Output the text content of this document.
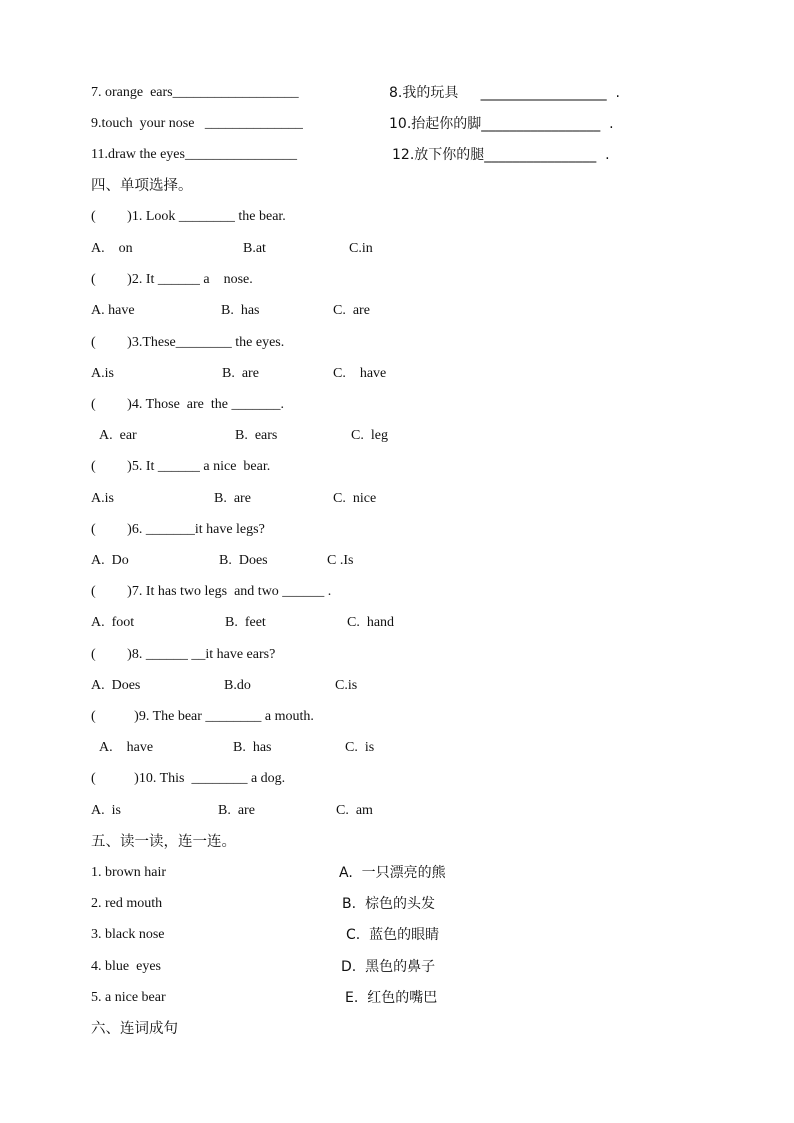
7. orange  ears__________________	8.我的玩具     __________________  .
9.touch  your nose   ______________	10.抬起你的脚_________________  .
11.draw the eyes________________	12.放下你的腿________________  .
四、单项选择。
(         )1. Look ________ the bear.
A.    on	B.at	C.in
(         )2. It ______ a    nose.
A. have	B.  has	C.  are
(         )3.These________ the eyes.
A.is	B.  are	C.    have
(         )4. Those  are  the _______.
A.  ear	B.  ears	C.  leg
(         )5. It ______ a nice  bear.
A.is	B.  are	C.  nice
(         )6. _______it have legs?
A.  Do	B.  Does	C .Is
(         )7. It has two legs  and two ______ .
A.  foot	B.  feet	C.  hand
(         )8. ______ __it have ears?
A.  Does	B.do	C.is
(           )9. The bear ________ a mouth.
A.    have	B.  has	C.  is
(           )10. This  ________ a dog.
A.  is	B.  are	C.  am
五、读一读，连一连。
1. brown hair	A.  一只漂亮的熊
2. red mouth	B.  棕色的头发
3. black nose	C.  蓝色的眼睛
4. blue  eyes	D.  黑色的鼻子
5. a nice bear	E.  红色的嘴巴
六、连词成句
